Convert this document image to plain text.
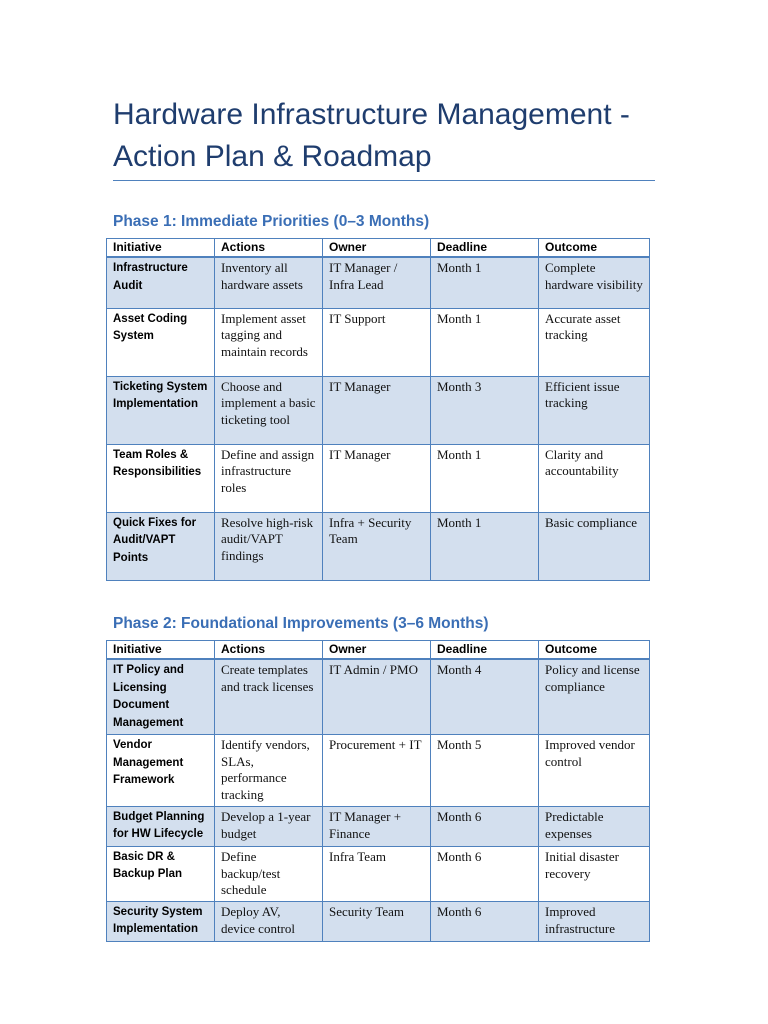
Hardware Infrastructure Management - Action Plan & Roadmap
Phase 1: Immediate Priorities (0–3 Months)
Initiative	Actions	Owner	Deadline	Outcome
Infrastructure Audit	Inventory all hardware assets	IT Manager / Infra Lead	Month 1	Complete hardware visibility
Asset Coding System	Implement asset tagging and maintain records	IT Support	Month 1	Accurate asset tracking
Ticketing System Implementation	Choose and implement a basic ticketing tool	IT Manager	Month 3	Efficient issue tracking
Team Roles & Responsibilities	Define and assign infrastructure roles	IT Manager	Month 1	Clarity and accountability
Quick Fixes for Audit/VAPT Points	Resolve high-risk audit/VAPT findings	Infra + Security Team	Month 1	Basic compliance
Phase 2: Foundational Improvements (3–6 Months)
Initiative	Actions	Owner	Deadline	Outcome
IT Policy and Licensing Document Management	Create templates and track licenses	IT Admin / PMO	Month 4	Policy and license compliance
Vendor Management Framework	Identify vendors, SLAs, performance tracking	Procurement + IT	Month 5	Improved vendor control
Budget Planning for HW Lifecycle	Develop a 1-year budget	IT Manager + Finance	Month 6	Predictable expenses
Basic DR & Backup Plan	Define backup/test schedule	Infra Team	Month 6	Initial disaster recovery
Security System Implementation	Deploy AV, device control	Security Team	Month 6	Improved infrastructure
